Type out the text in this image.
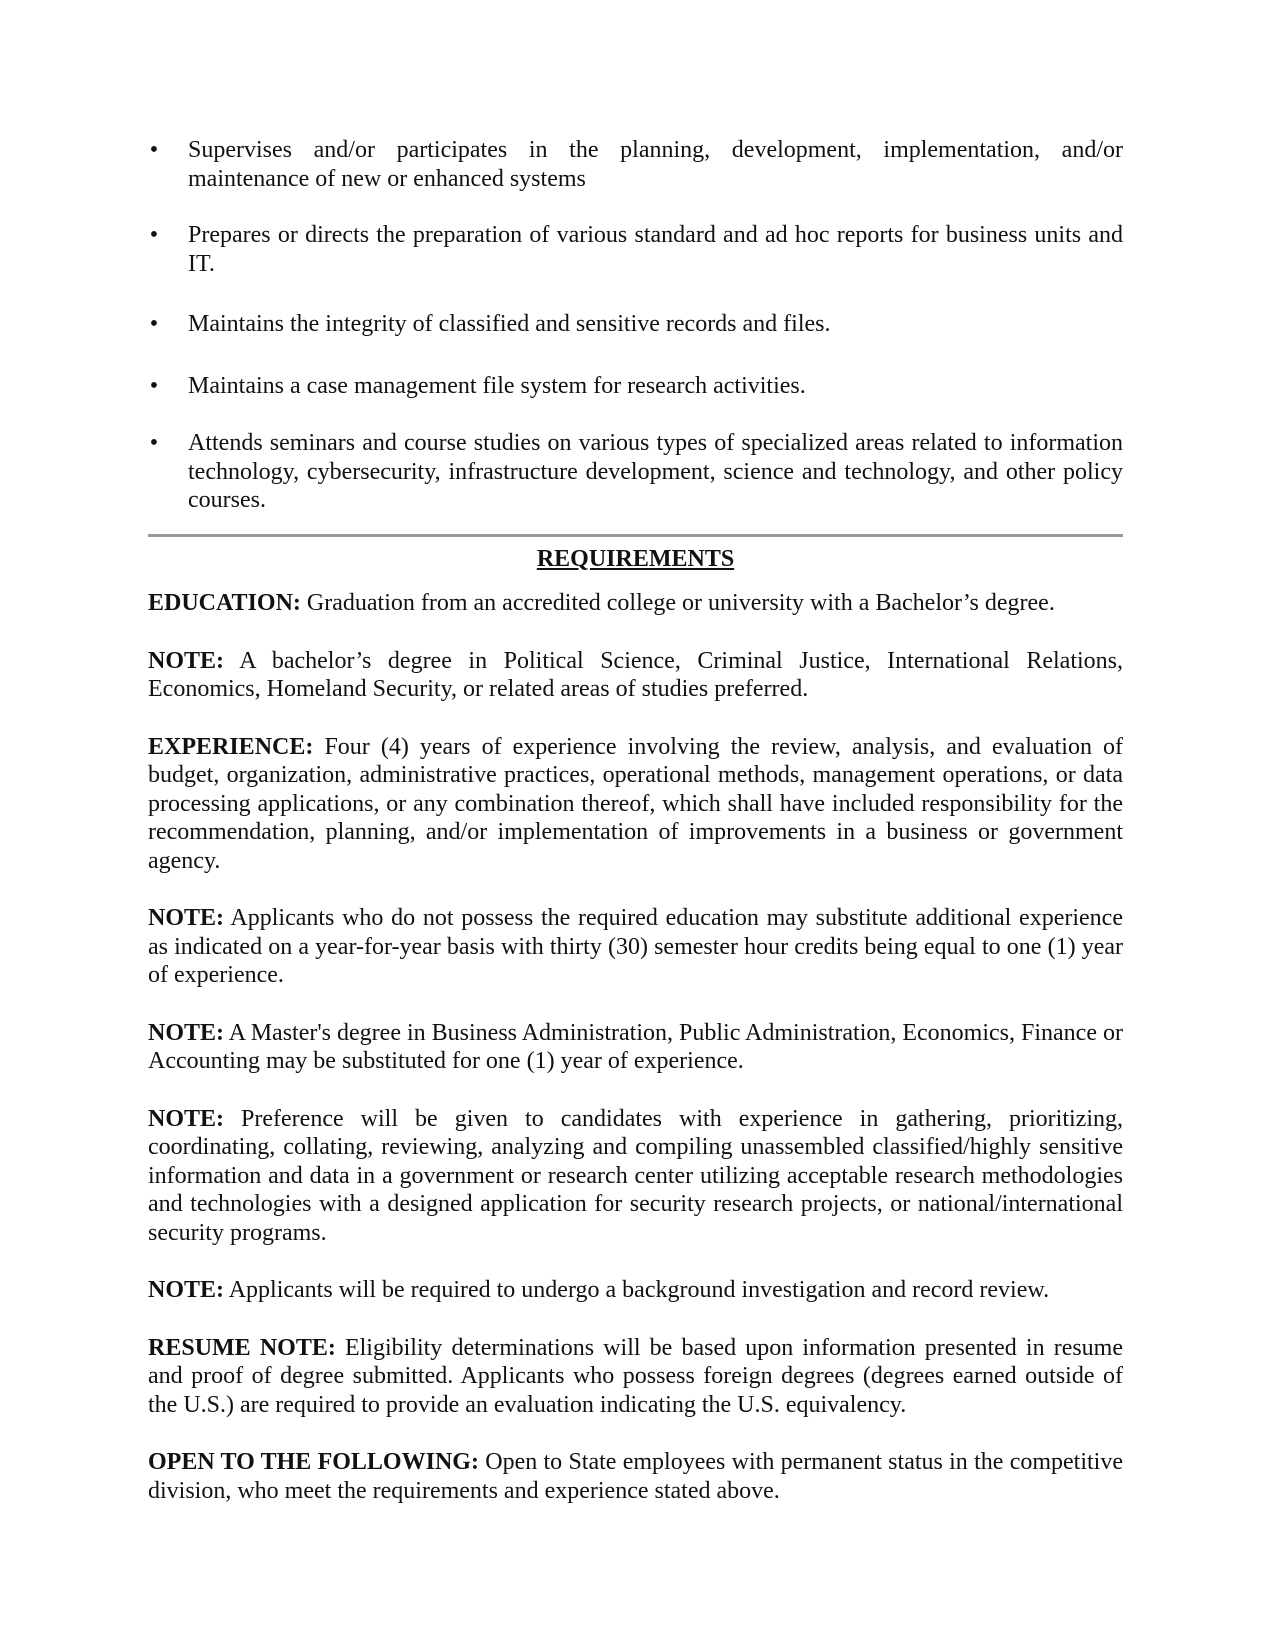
• Supervises and/or participates in the planning, development, implementation, and/or maintenance of new or enhanced systems
• Prepares or directs the preparation of various standard and ad hoc reports for business units and IT.
• Maintains the integrity of classified and sensitive records and files.
• Maintains a case management file system for research activities.
• Attends seminars and course studies on various types of specialized areas related to information technology, cybersecurity, infrastructure development, science and technology, and other policy courses.
REQUIREMENTS

EDUCATION: Graduation from an accredited college or university with a Bachelor’s degree.

NOTE: A bachelor’s degree in Political Science, Criminal Justice, International Relations, Economics, Homeland Security, or related areas of studies preferred.

EXPERIENCE: Four (4) years of experience involving the review, analysis, and evaluation of budget, organization, administrative practices, operational methods, management operations, or data processing applications, or any combination thereof, which shall have included responsibility for the recommendation, planning, and/or implementation of improvements in a business or government agency.

NOTE: Applicants who do not possess the required education may substitute additional experience as indicated on a year-for-year basis with thirty (30) semester hour credits being equal to one (1) year of experience.

NOTE: A Master's degree in Business Administration, Public Administration, Economics, Finance or Accounting may be substituted for one (1) year of experience.

NOTE: Preference will be given to candidates with experience in gathering, prioritizing, coordinating, collating, reviewing, analyzing and compiling unassembled classified/highly sensitive information and data in a government or research center utilizing acceptable research methodologies and technologies with a designed application for security research projects, or national/international security programs.

NOTE: Applicants will be required to undergo a background investigation and record review.

RESUME NOTE: Eligibility determinations will be based upon information presented in resume and proof of degree submitted. Applicants who possess foreign degrees (degrees earned outside of the U.S.) are required to provide an evaluation indicating the U.S. equivalency.

OPEN TO THE FOLLOWING: Open to State employees with permanent status in the competitive division, who meet the requirements and experience stated above.
